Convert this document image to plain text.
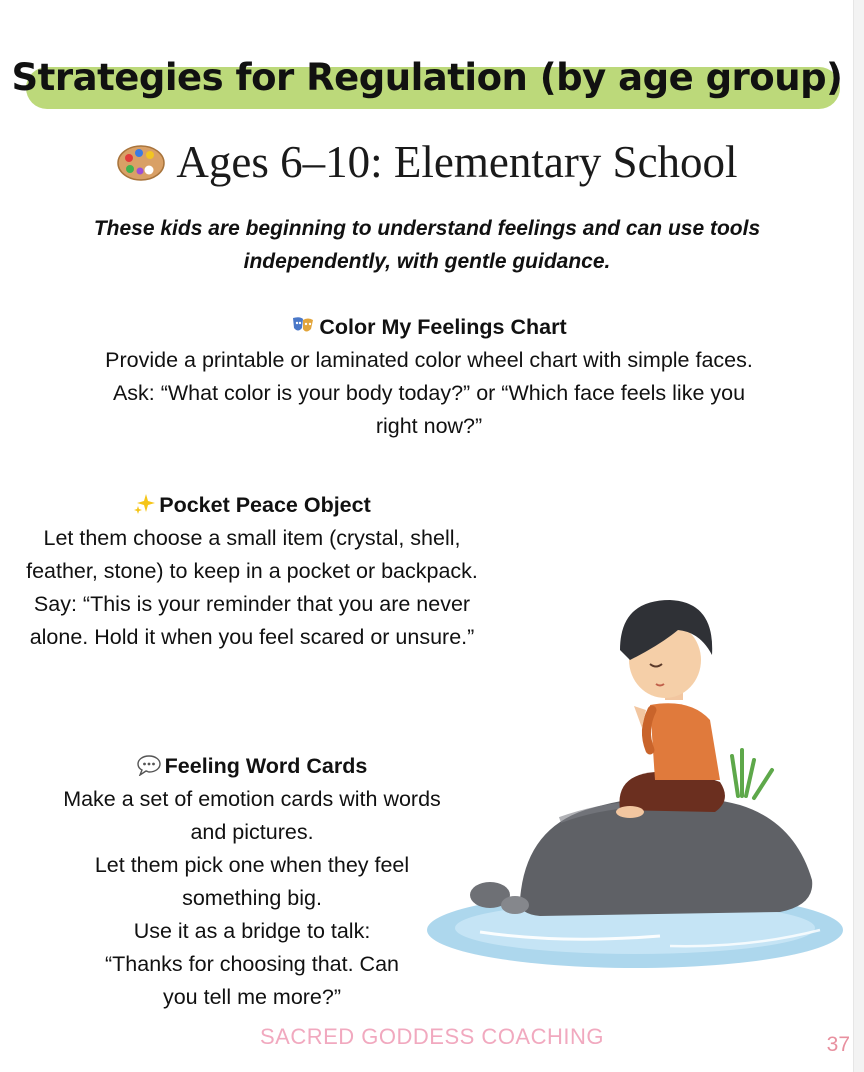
Strategies for Regulation (by age group)
Ages 6–10: Elementary School
These kids are beginning to understand feelings and can use tools independently, with gentle guidance.

Color My Feelings Chart

Provide a printable or laminated color wheel chart with simple faces.

Ask: “What color is your body today?” or “Which face feels like you right now?”

Pocket Peace Object

Let them choose a small item (crystal, shell, feather, stone) to keep in a pocket or backpack.

Say: “This is your reminder that you are never alone. Hold it when you feel scared or unsure.”

Feeling Word Cards

Make a set of emotion cards with words and pictures.

Let them pick one when they feel something big.

Use it as a bridge to talk:

“Thanks for choosing that. Can you tell me more?”

SACRED GODDESS COACHING	37
